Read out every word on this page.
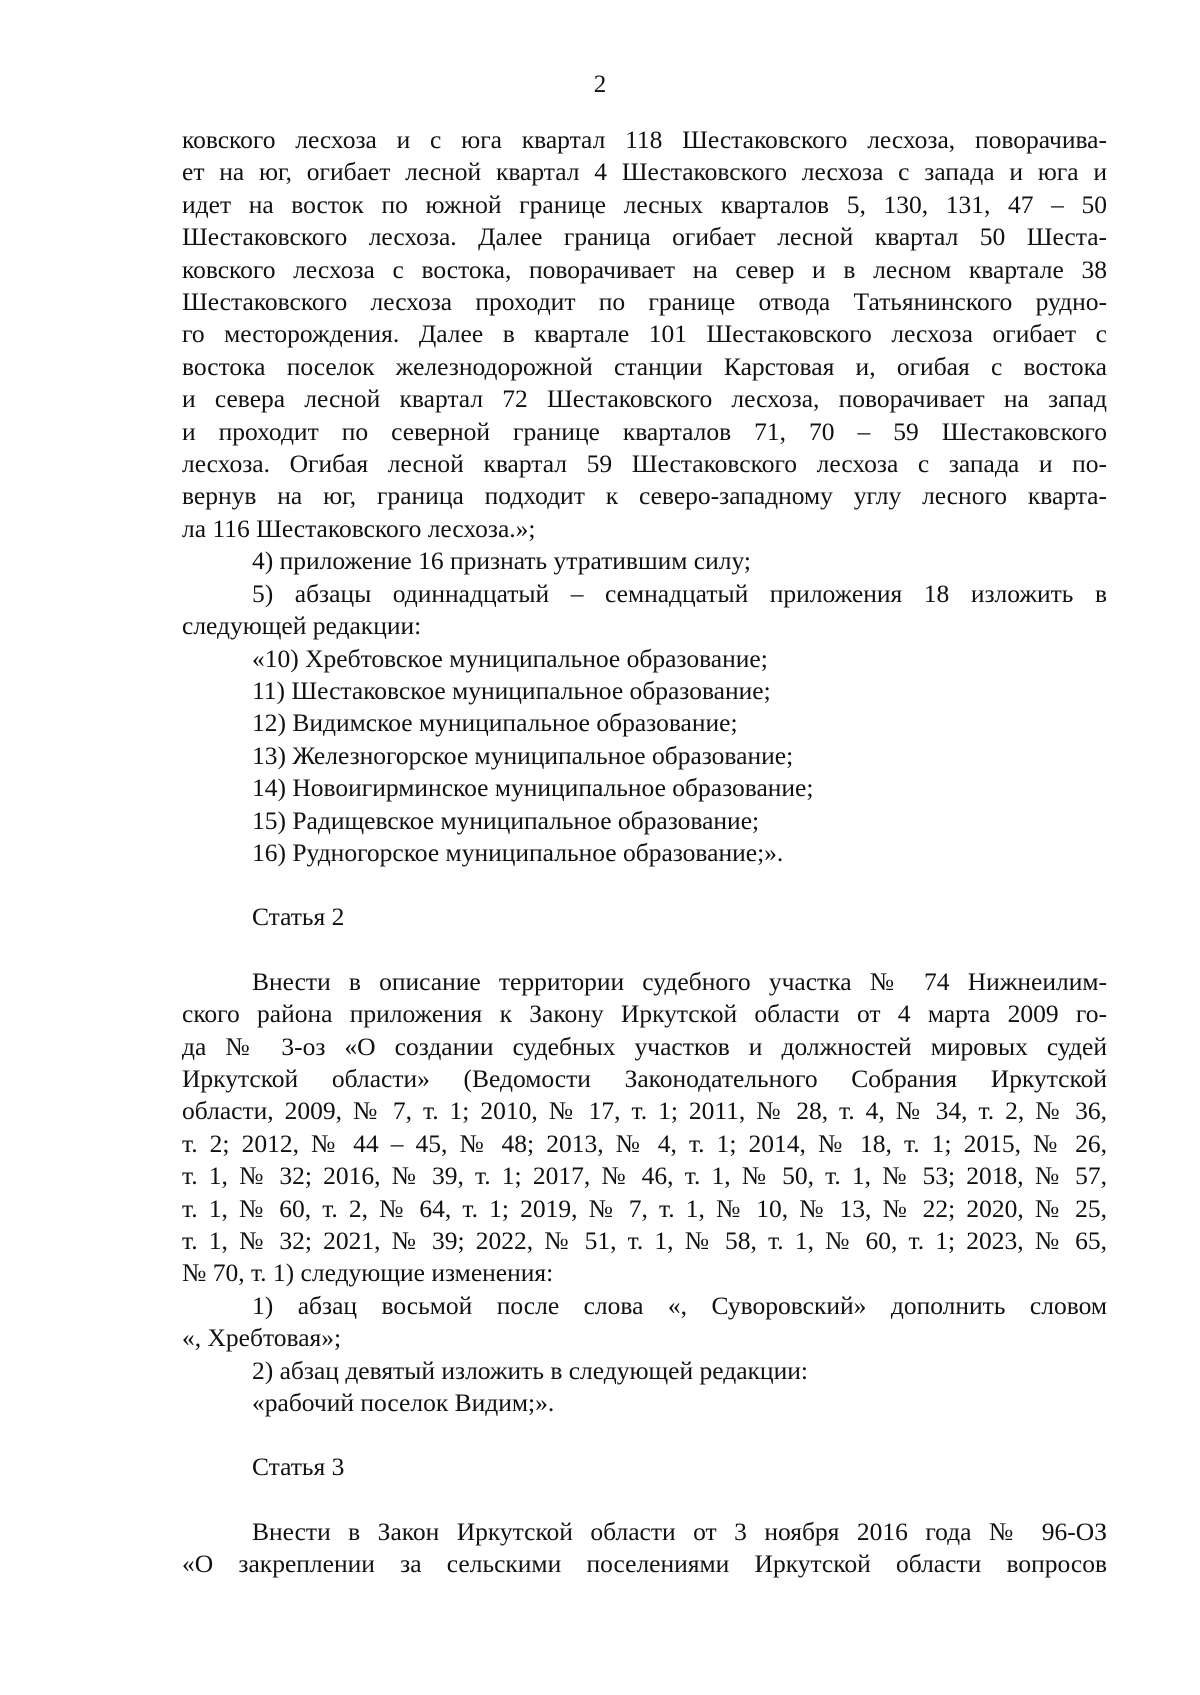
2

ковского лесхоза и с юга квартал 118 Шестаковского лесхоза, поворачива-

ет на юг, огибает лесной квартал 4 Шестаковского лесхоза с запада и юга и

идет на восток по южной границе лесных кварталов 5, 130, 131, 47 – 50

Шестаковского лесхоза. Далее граница огибает лесной квартал 50 Шеста-

ковского лесхоза с востока, поворачивает на север и в лесном квартале 38

Шестаковского лесхоза проходит по границе отвода Татьянинского рудно-

го месторождения. Далее в квартале 101 Шестаковского лесхоза огибает с

востока поселок железнодорожной станции Карстовая и, огибая с востока

и севера лесной квартал 72 Шестаковского лесхоза, поворачивает на запад

и проходит по северной границе кварталов 71, 70 – 59 Шестаковского

лесхоза. Огибая лесной квартал 59 Шестаковского лесхоза с запада и по-

вернув на юг, граница подходит к северо-западному углу лесного кварта-

ла 116 Шестаковского лесхоза.»;

4) приложение 16 признать утратившим силу;

5) абзацы одиннадцатый – семнадцатый приложения 18 изложить в

следующей редакции:

«10) Хребтовское муниципальное образование;

11) Шестаковское муниципальное образование;

12) Видимское муниципальное образование;

13) Железногорское муниципальное образование;

14) Новоигирминское муниципальное образование;

15) Радищевское муниципальное образование;

16) Рудногорское муниципальное образование;».

Статья 2

Внести в описание территории судебного участка № 74 Нижнеилим-

ского района приложения к Закону Иркутской области от 4 марта 2009 го-

да № 3-оз «О создании судебных участков и должностей мировых судей

Иркутской области» (Ведомости Законодательного Собрания Иркутской

области, 2009, № 7, т. 1; 2010, № 17, т. 1; 2011, № 28, т. 4, № 34, т. 2, № 36,

т. 2; 2012, № 44 – 45, № 48; 2013, № 4, т. 1; 2014, № 18, т. 1; 2015, № 26,

т. 1, № 32; 2016, № 39, т. 1; 2017, № 46, т. 1, № 50, т. 1, № 53; 2018, № 57,

т. 1, № 60, т. 2, № 64, т. 1; 2019, № 7, т. 1, № 10, № 13, № 22; 2020, № 25,

т. 1, № 32; 2021, № 39; 2022, № 51, т. 1, № 58, т. 1, № 60, т. 1; 2023, № 65,

№ 70, т. 1) следующие изменения:

1) абзац восьмой после слова «, Суворовский» дополнить словом

«, Хребтовая»;

2) абзац девятый изложить в следующей редакции:

«рабочий поселок Видим;».

Статья 3

Внести в Закон Иркутской области от 3 ноября 2016 года № 96-ОЗ

«О закреплении за сельскими поселениями Иркутской области вопросов
